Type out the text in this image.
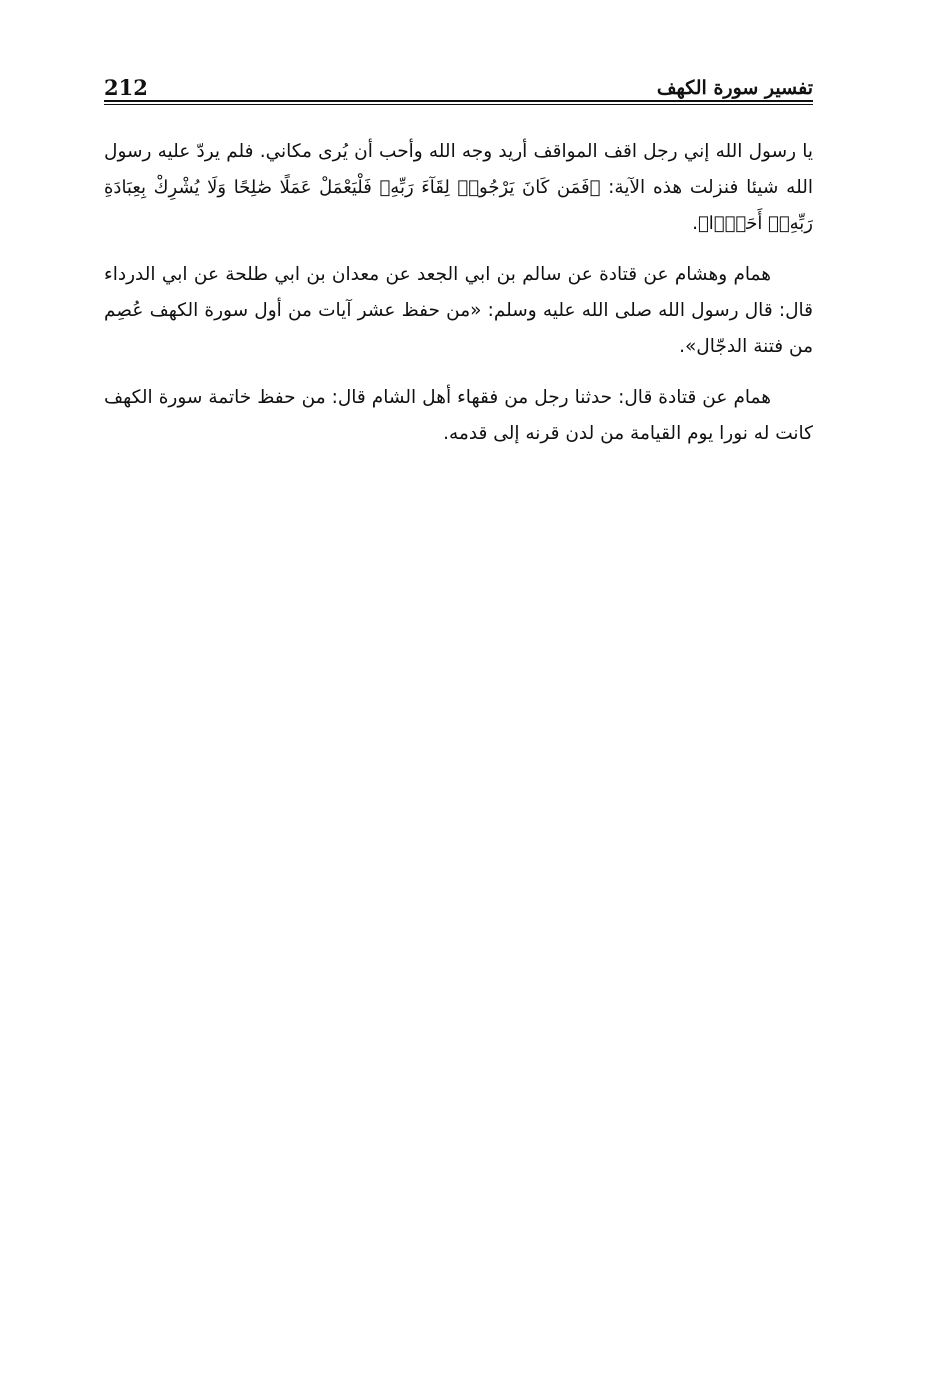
212	تفسير سورة الكهف

يا رسول الله إني رجل اقف المواقف أريد وجه الله وأحب أن يُرى مكاني. فلم يردّ عليه رسول الله شيئا فنزلت هذه الآية: ﴿فَمَن كَانَ يَرْجُوا۟ لِقَآءَ رَبِّهِۦ فَلْيَعْمَلْ عَمَلًا صَٰلِحًا وَلَا يُشْرِكْ بِعِبَادَةِ رَبِّهِۦٓ أَحَدًۢا﴾.

همام وهشام عن قتادة عن سالم بن ابي الجعد عن معدان بن ابي طلحة عن ابي الدرداء قال: قال رسول الله صلى الله عليه وسلم: «من حفظ عشر آيات من أول سورة الكهف عُصِم من فتنة الدجّال».

همام عن قتادة قال: حدثنا رجل من فقهاء أهل الشام قال: من حفظ خاتمة سورة الكهف كانت له نورا يوم القيامة من لدن قرنه إلى قدمه.
